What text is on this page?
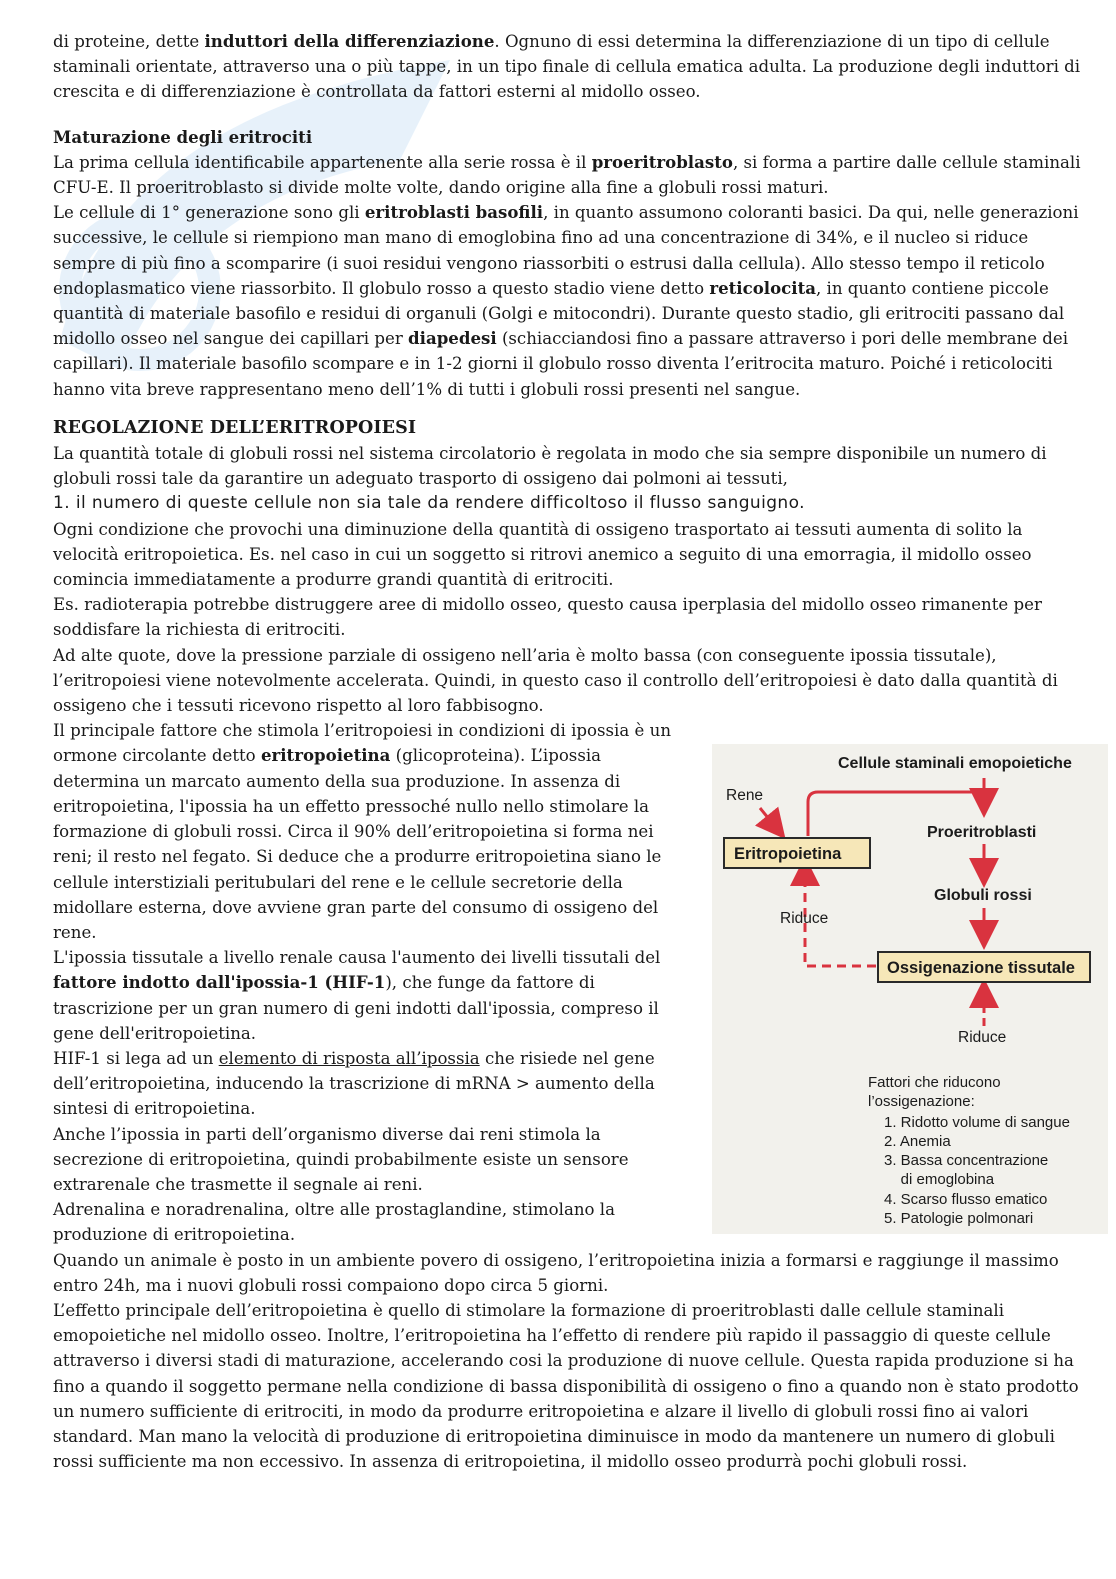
di proteine, dette induttori della differenziazione. Ognuno di essi determina la differenziazione di un tipo di cellule staminali orientate, attraverso una o più tappe, in un tipo finale di cellula ematica adulta. La produzione degli induttori di crescita e di differenziazione è controllata da fattori esterni al midollo osseo.

Maturazione degli eritrociti

La prima cellula identificabile appartenente alla serie rossa è il proeritroblasto, si forma a partire dalle cellule staminali CFU-E. Il proeritroblasto si divide molte volte, dando origine alla fine a globuli rossi maturi.

Le cellule di 1° generazione sono gli eritroblasti basofili, in quanto assumono coloranti basici. Da qui, nelle generazioni successive, le cellule si riempiono man mano di emoglobina fino ad una concentrazione di 34%, e il nucleo si riduce sempre di più fino a scomparire (i suoi residui vengono riassorbiti o estrusi dalla cellula). Allo stesso tempo il reticolo endoplasmatico viene riassorbito. Il globulo rosso a questo stadio viene detto reticolocita, in quanto contiene piccole quantità di materiale basofilo e residui di organuli (Golgi e mitocondri). Durante questo stadio, gli eritrociti passano dal midollo osseo nel sangue dei capillari per diapedesi (schiacciandosi fino a passare attraverso i pori delle membrane dei capillari). Il materiale basofilo scompare e in 1-2 giorni il globulo rosso diventa l’eritrocita maturo. Poiché i reticolociti hanno vita breve rappresentano meno dell’1% di tutti i globuli rossi presenti nel sangue.

REGOLAZIONE DELL’ERITROPOIESI

La quantità totale di globuli rossi nel sistema circolatorio è regolata in modo che sia sempre disponibile un numero di globuli rossi tale da garantire un adeguato trasporto di ossigeno dai polmoni ai tessuti,

1. il numero di queste cellule non sia tale da rendere difficoltoso il flusso sanguigno.

Ogni condizione che provochi una diminuzione della quantità di ossigeno trasportato ai tessuti aumenta di solito la velocità eritropoietica. Es. nel caso in cui un soggetto si ritrovi anemico a seguito di una emorragia, il midollo osseo comincia immediatamente a produrre grandi quantità di eritrociti.

Es. radioterapia potrebbe distruggere aree di midollo osseo, questo causa iperplasia del midollo osseo rimanente per soddisfare la richiesta di eritrociti.

Ad alte quote, dove la pressione parziale di ossigeno nell’aria è molto bassa (con conseguente ipossia tissutale), l’eritropoiesi viene notevolmente accelerata. Quindi, in questo caso il controllo dell’eritropoiesi è dato dalla quantità di ossigeno che i tessuti ricevono rispetto al loro fabbisogno.

Il principale fattore che stimola l’eritropoiesi in condizioni di ipossia è un ormone circolante detto eritropoietina (glicoproteina). L’ipossia determina un marcato aumento della sua produzione. In assenza di eritropoietina, l'ipossia ha un effetto pressoché nullo nello stimolare la formazione di globuli rossi. Circa il 90% dell’eritropoietina si forma nei reni; il resto nel fegato. Si deduce che a produrre eritropoietina siano le cellule interstiziali peritubulari del rene e le cellule secretorie della midollare esterna, dove avviene gran parte del consumo di ossigeno del rene.

L'ipossia tissutale a livello renale causa l'aumento dei livelli tissutali del fattore indotto dall'ipossia-1 (HIF-1), che funge da fattore di trascrizione per un gran numero di geni indotti dall'ipossia, compreso il gene dell'eritropoietina.

HIF-1 si lega ad un elemento di risposta all’ipossia che risiede nel gene dell’eritropoietina, inducendo la trascrizione di mRNA > aumento della sintesi di eritropoietina.

Anche l’ipossia in parti dell’organismo diverse dai reni stimola la secrezione di eritropoietina, quindi probabilmente esiste un sensore extrarenale che trasmette il segnale ai reni.

Adrenalina e noradrenalina, oltre alle prostaglandine, stimolano la produzione di eritropoietina.

Quando un animale è posto in un ambiente povero di ossigeno, l’eritropoietina inizia a formarsi e raggiunge il massimo entro 24h, ma i nuovi globuli rossi compaiono dopo circa 5 giorni.

L’effetto principale dell’eritropoietina è quello di stimolare la formazione di proeritroblasti dalle cellule staminali emopoietiche nel midollo osseo. Inoltre, l’eritropoietina ha l’effetto di rendere più rapido il passaggio di queste cellule attraverso i diversi stadi di maturazione, accelerando cosi la produzione di nuove cellule. Questa rapida produzione si ha fino a quando il soggetto permane nella condizione di bassa disponibilità di ossigeno o fino a quando non è stato prodotto un numero sufficiente di eritrociti, in modo da produrre eritropoietina e alzare il livello di globuli rossi fino ai valori standard. Man mano la velocità di produzione di eritropoietina diminuisce in modo da mantenere un numero di globuli rossi sufficiente ma non eccessivo. In assenza di eritropoietina, il midollo osseo produrrà pochi globuli rossi.

Cellule staminali emopoietiche
Rene
Proeritroblasti
Eritropoietina
Globuli rossi
Riduce
Ossigenazione tissutale
Riduce
Fattori che riducono
l’ossigenazione:
1. Ridotto volume di sangue
2. Anemia
3. Bassa concentrazione
di emoglobina
4. Scarso flusso ematico
5. Patologie polmonari
